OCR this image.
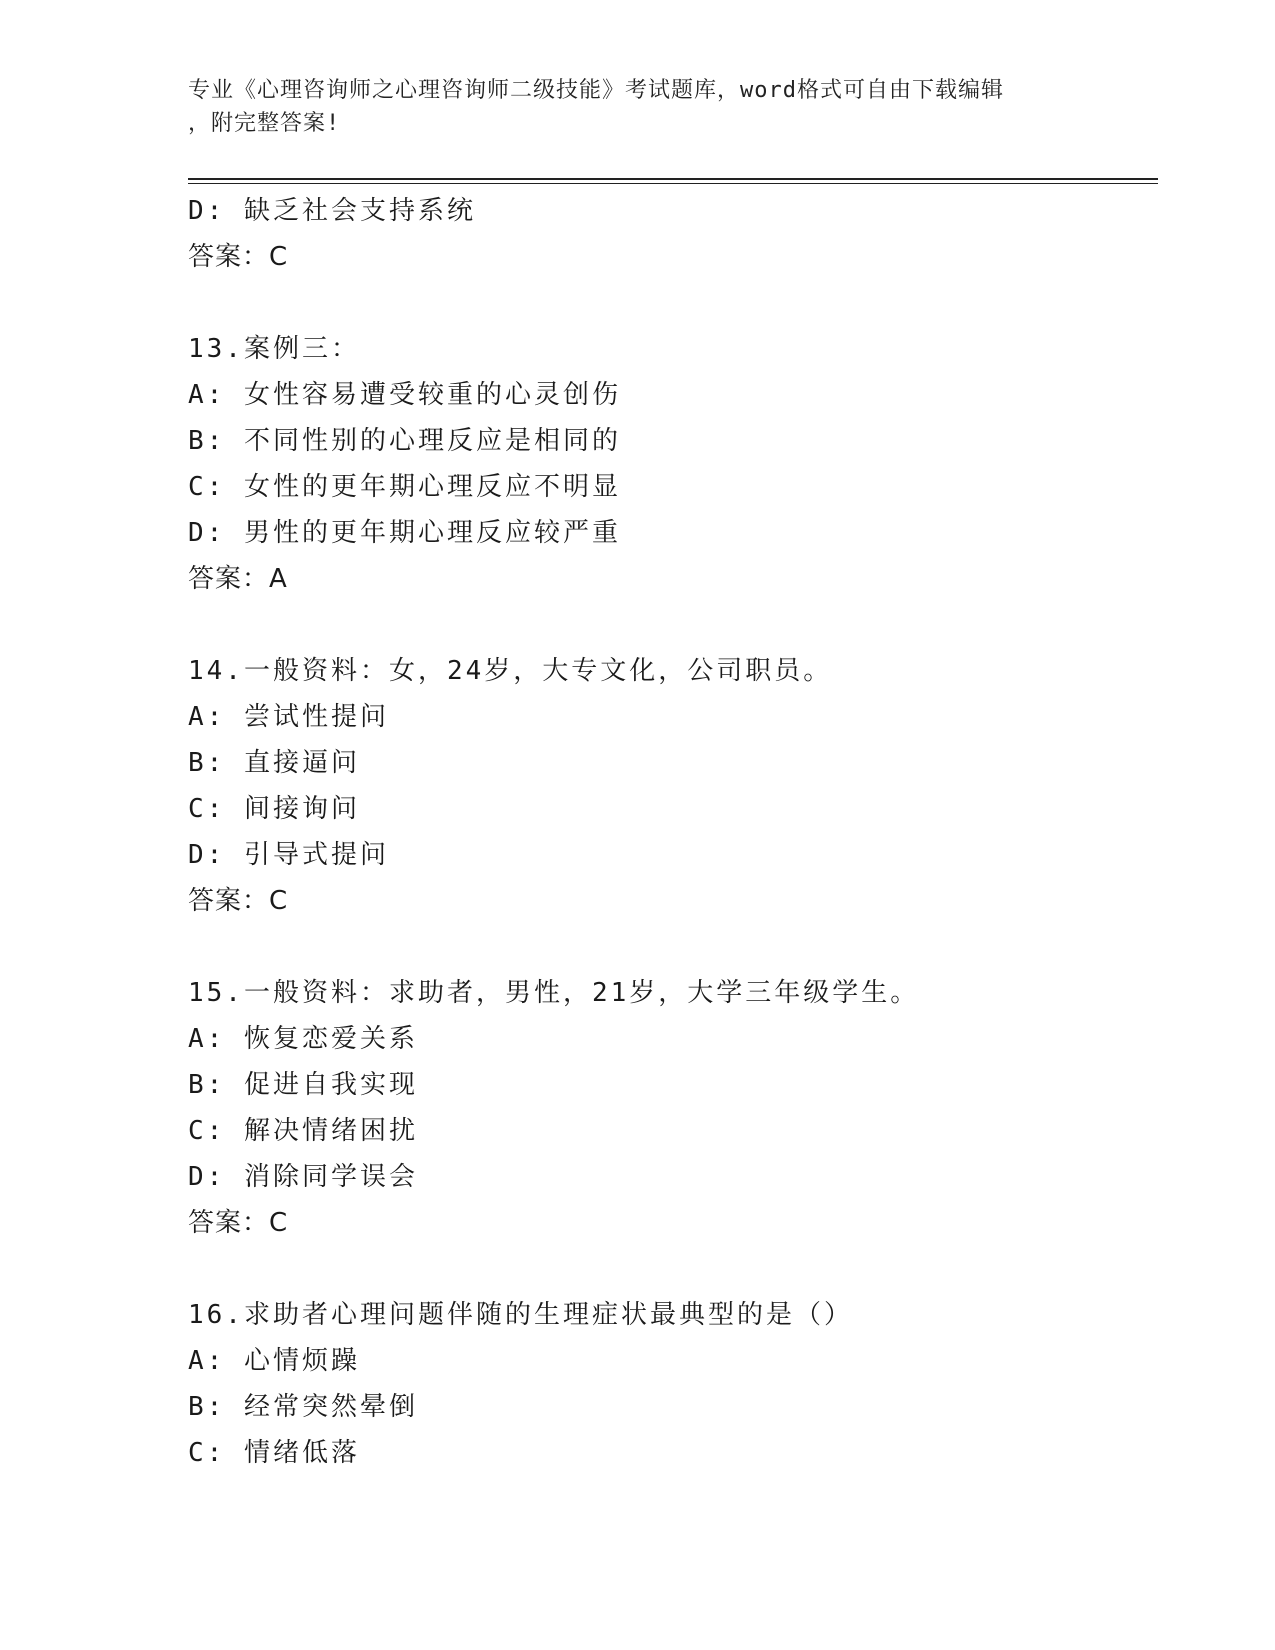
专业《心理咨询师之心理咨询师二级技能》考试题库，word格式可自由下载编辑
，附完整答案!
D: 缺乏社会支持系统
答案：C
13.案例三：
A: 女性容易遭受较重的心灵创伤
B: 不同性别的心理反应是相同的
C: 女性的更年期心理反应不明显
D: 男性的更年期心理反应较严重
答案：A
14.一般资料：女，24岁，大专文化，公司职员。
A: 尝试性提问
B: 直接逼问
C: 间接询问
D: 引导式提问
答案：C
15.一般资料：求助者，男性，21岁，大学三年级学生。
A: 恢复恋爱关系
B: 促进自我实现
C: 解决情绪困扰
D: 消除同学误会
答案：C
16.求助者心理问题伴随的生理症状最典型的是（）
A: 心情烦躁
B: 经常突然晕倒
C: 情绪低落
